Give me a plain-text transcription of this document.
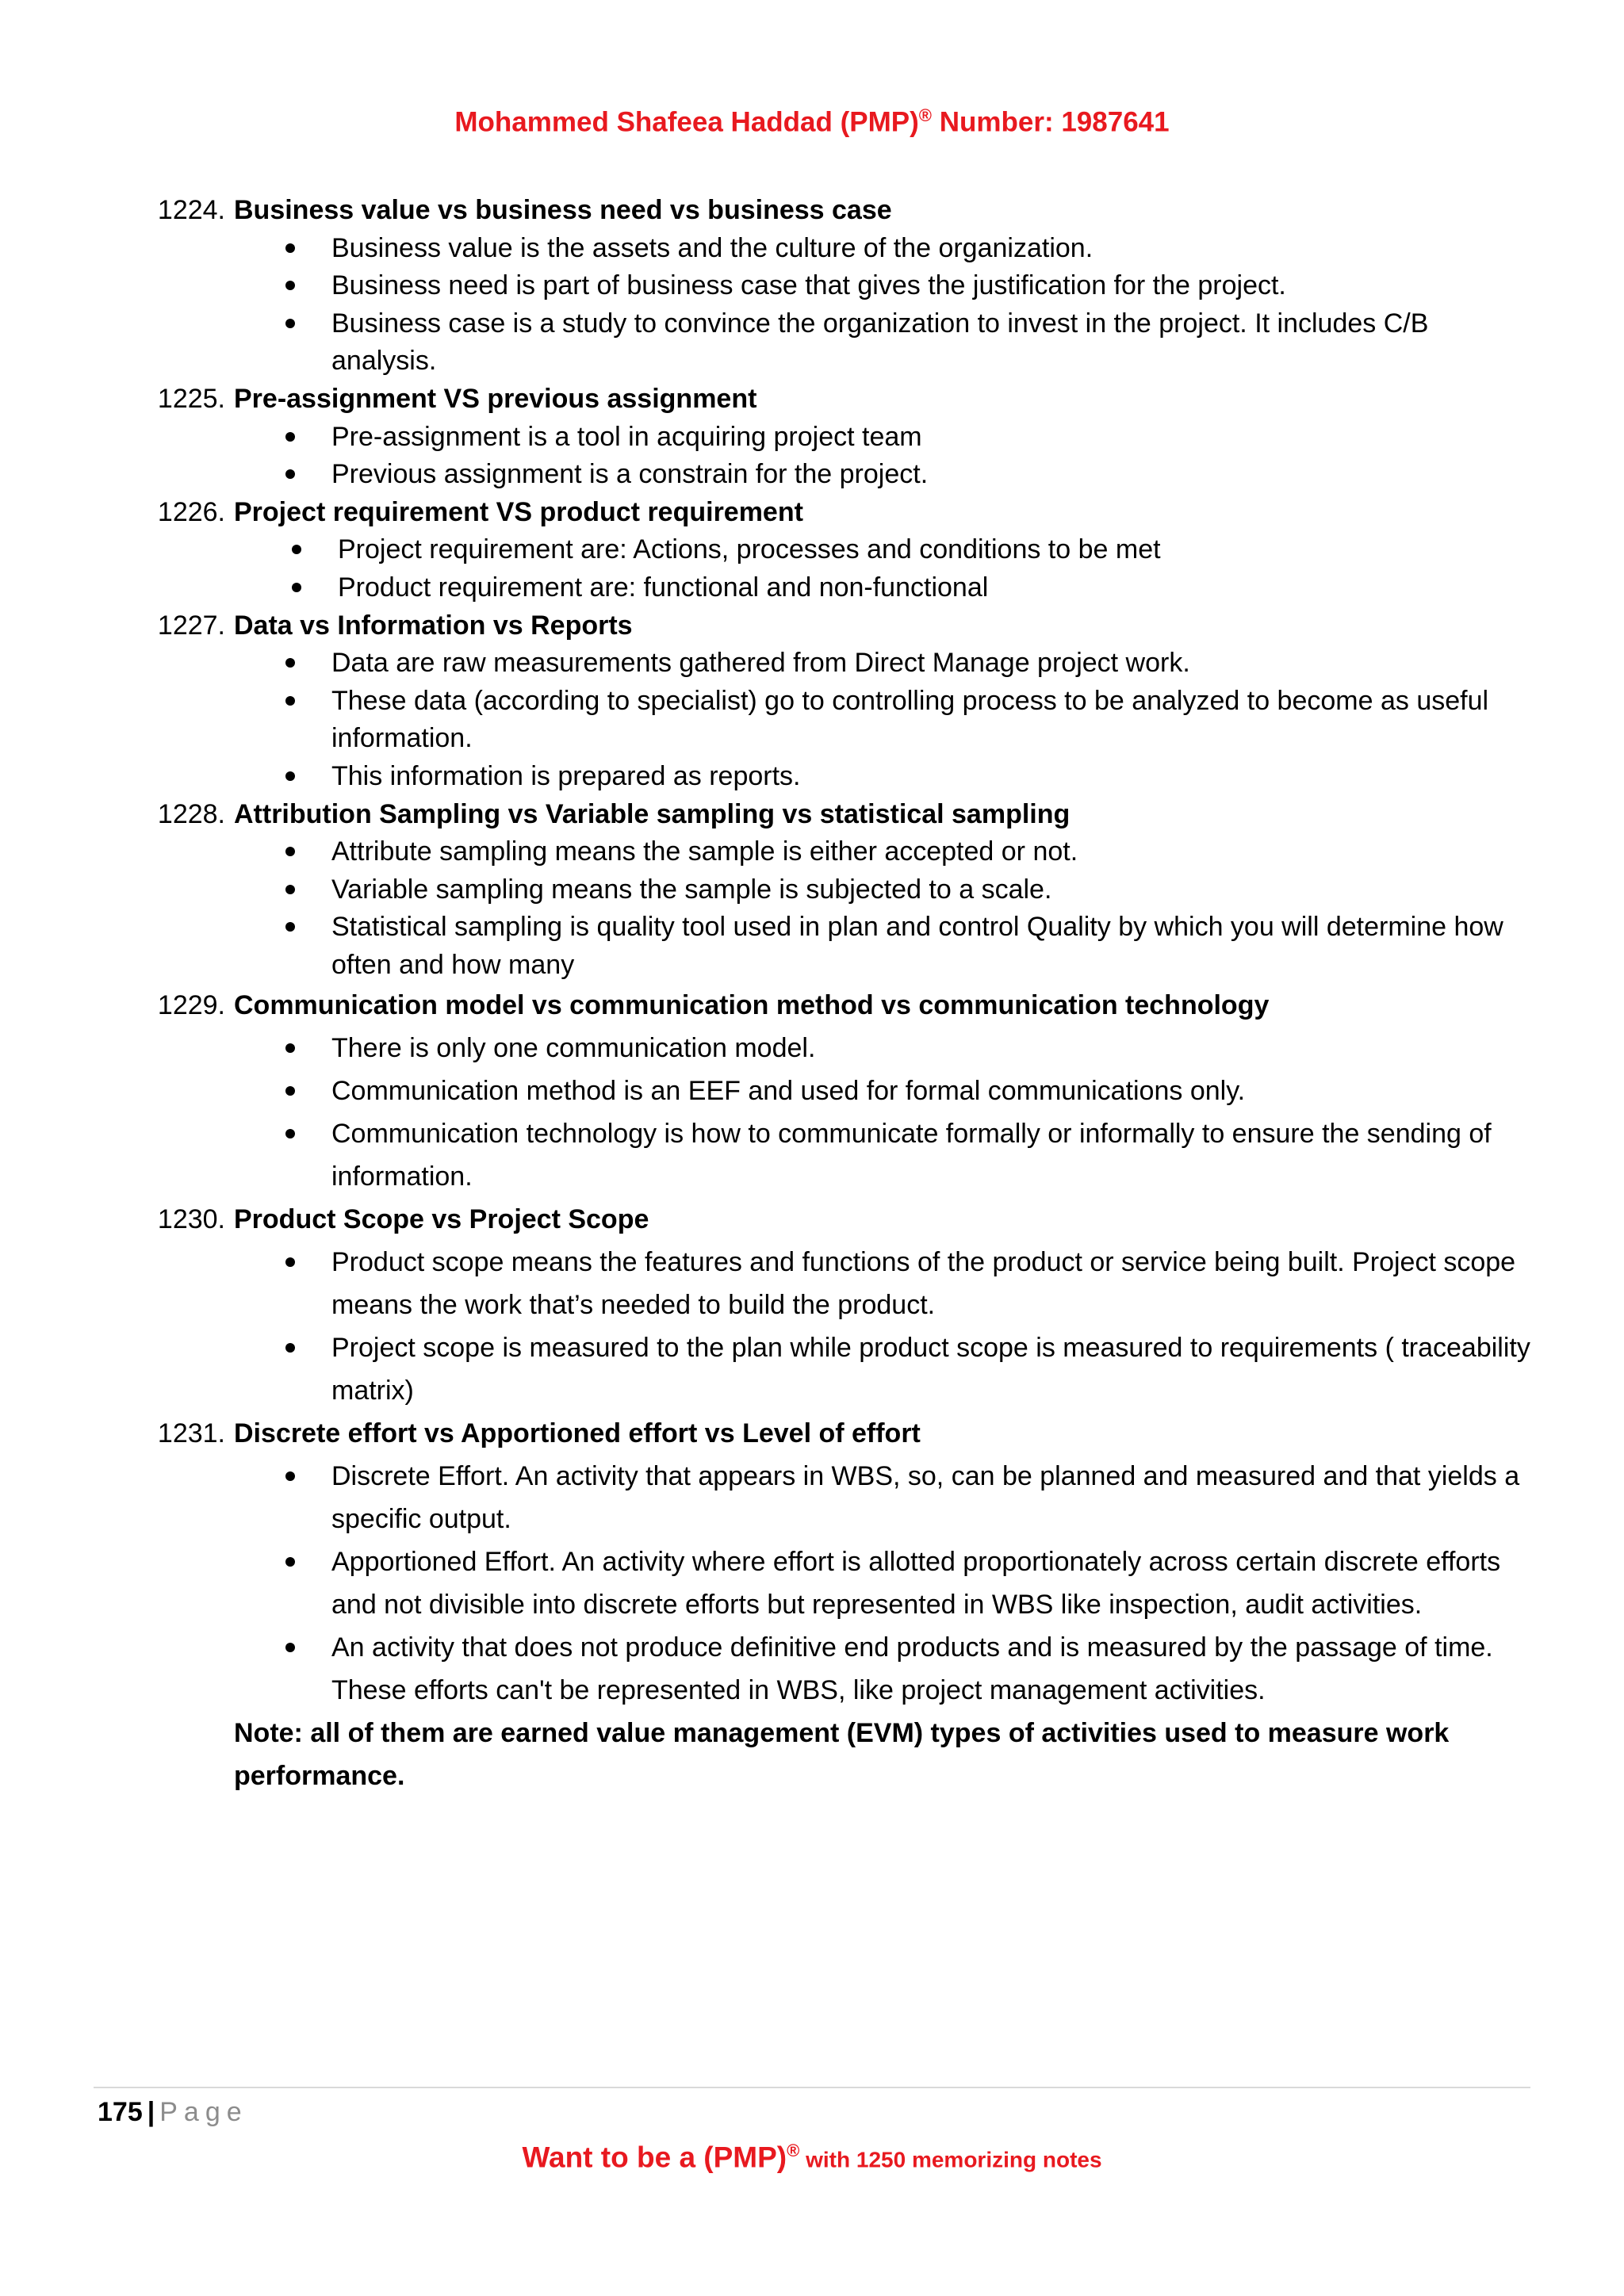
Mohammed Shafeea Haddad (PMP)® Number: 1987641
1224. Business value vs business need vs business case
Business value is the assets and the culture of the organization.
Business need is part of business case that gives the justification for the project.
Business case is a study to convince the organization to invest in the project. It includes C/B analysis.
1225. Pre-assignment VS previous assignment
Pre-assignment is a tool in acquiring project team
Previous assignment is a constrain for the project.
1226. Project requirement VS product requirement
Project requirement are: Actions, processes and conditions to be met
Product requirement are: functional and non-functional
1227. Data vs Information vs Reports
Data are raw measurements gathered from Direct Manage project work.
These data (according to specialist) go to controlling process to be analyzed to become as useful information.
This information is prepared as reports.
1228. Attribution Sampling vs Variable sampling vs statistical sampling
Attribute sampling means the sample is either accepted or not.
Variable sampling means the sample is subjected to a scale.
Statistical sampling is quality tool used in plan and control Quality by which you will determine how often and how many
1229. Communication model vs communication method vs communication technology
There is only one communication model.
Communication method is an EEF and used for formal communications only.
Communication technology is how to communicate formally or informally to ensure the sending of information.
1230. Product Scope vs Project Scope
Product scope means the features and functions of the product or service being built. Project scope means the work that’s needed to build the product.
Project scope is measured to the plan while product scope is measured to requirements ( traceability matrix)
1231. Discrete effort vs Apportioned effort vs Level of effort
Discrete Effort. An activity that appears in WBS, so, can be planned and measured and that yields a specific output.
Apportioned Effort. An activity where effort is allotted proportionately across certain discrete efforts and not divisible into discrete efforts but represented in WBS like inspection, audit activities.
An activity that does not produce definitive end products and is measured by the passage of time. These efforts can't be represented in WBS, like project management activities.
Note: all of them are earned value management (EVM) types of activities used to measure work performance.
175 | Page
Want to be a (PMP)® with 1250 memorizing notes
